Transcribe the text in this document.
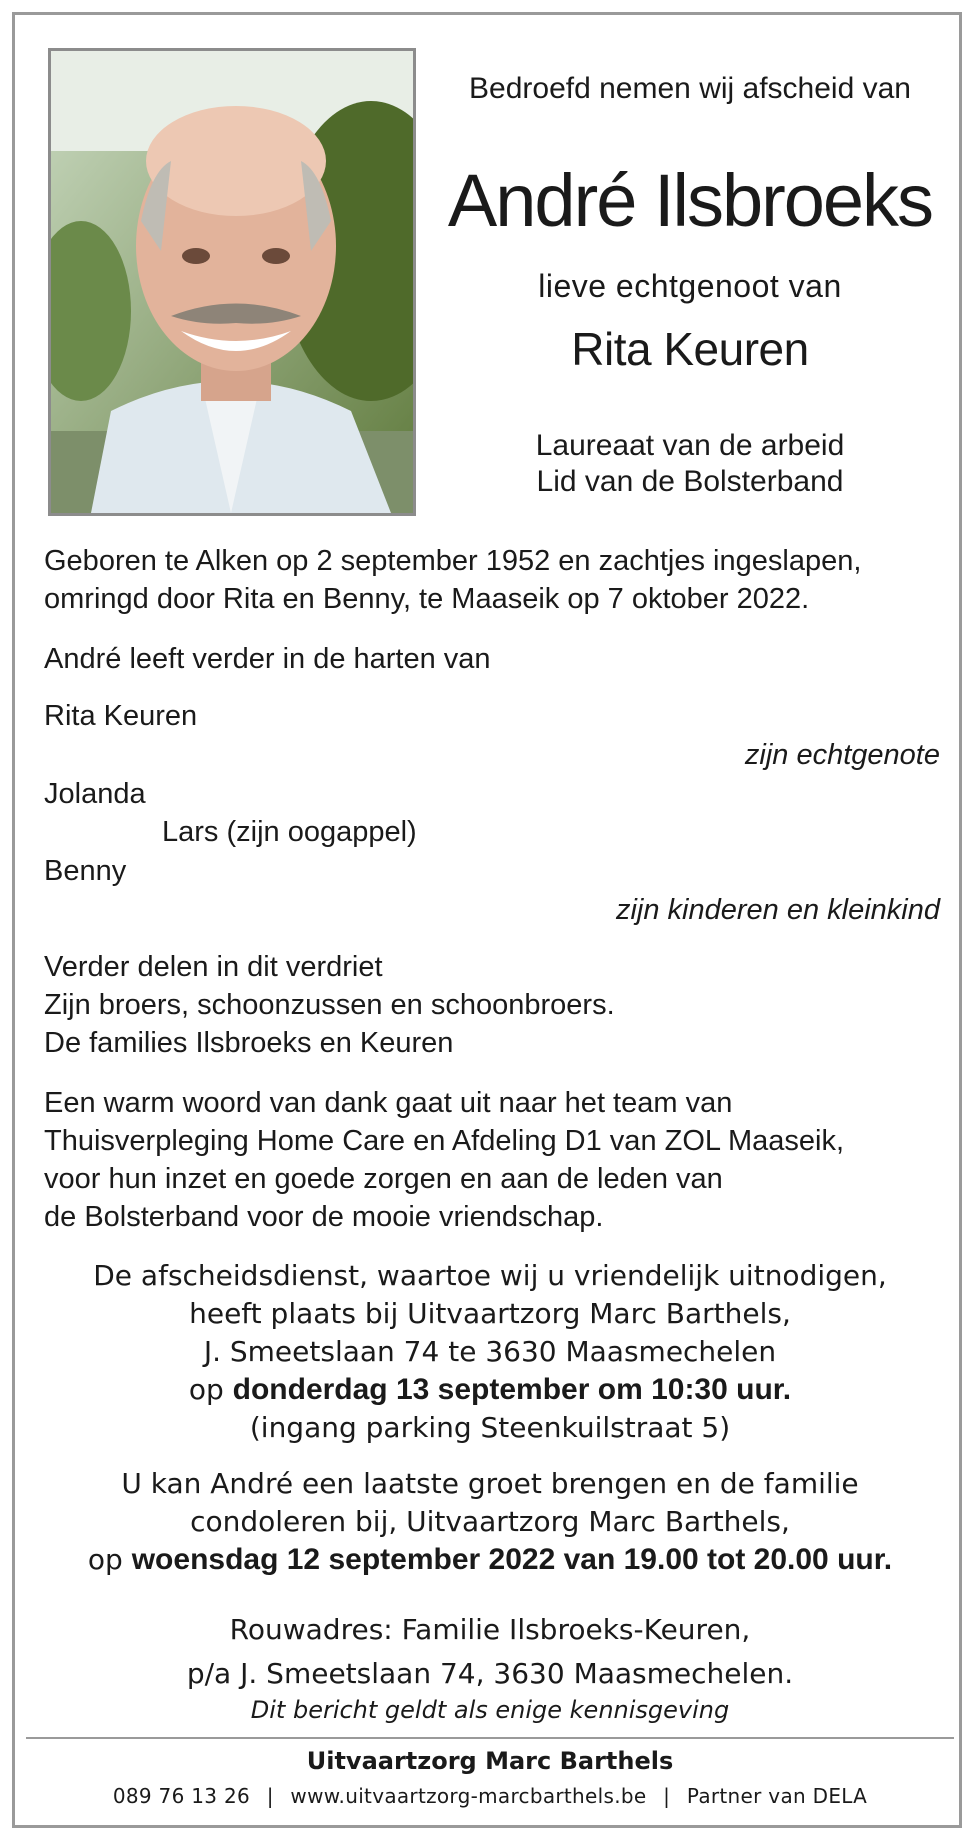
Bedroefd nemen wij afscheid van
André Ilsbroeks
lieve echtgenoot van
Rita Keuren
Laureaat van de arbeid
Lid van de Bolsterband
Geboren te Alken op 2 september 1952 en zachtjes ingeslapen,
omringd door Rita en Benny, te Maaseik op 7 oktober 2022.
André leeft verder in de harten van
Rita Keuren
zijn echtgenote
Jolanda
Lars (zijn oogappel)
Benny
zijn kinderen en kleinkind
Verder delen in dit verdriet
Zijn broers, schoonzussen en schoonbroers.
De families Ilsbroeks en Keuren
Een warm woord van dank gaat uit naar het team van
Thuisverpleging Home Care en Afdeling D1 van ZOL Maaseik,
voor hun inzet en goede zorgen en aan de leden van
de Bolsterband voor de mooie vriendschap.
De afscheidsdienst, waartoe wij u vriendelijk uitnodigen,
heeft plaats bij Uitvaartzorg Marc Barthels,
J. Smeetslaan 74 te 3630 Maasmechelen
op donderdag 13 september om 10:30 uur.
(ingang parking Steenkuilstraat 5)
U kan André een laatste groet brengen en de familie
condoleren bij, Uitvaartzorg Marc Barthels,
op woensdag 12 september 2022 van 19.00 tot 20.00 uur.
Rouwadres: Familie Ilsbroeks-Keuren,
p/a J. Smeetslaan 74, 3630 Maasmechelen.
Dit bericht geldt als enige kennisgeving
Uitvaartzorg Marc Barthels
089 76 13 26 | www.uitvaartzorg-marcbarthels.be | Partner van DELA
